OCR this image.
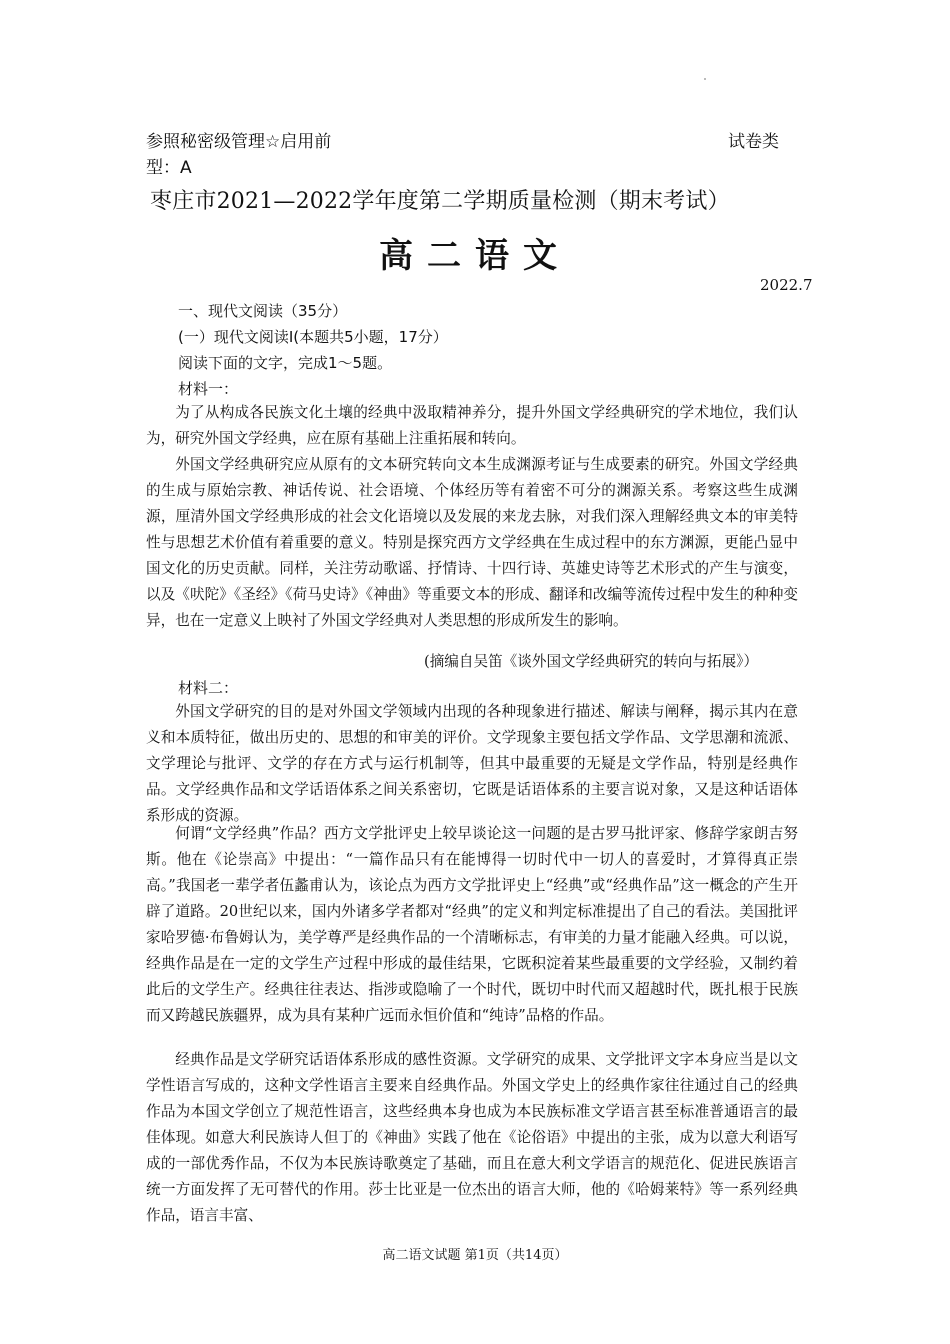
参照秘密级管理☆启用前	试卷类
型：A
枣庄市2021—2022学年度第二学期质量检测（期末考试）
高二语文
2022.7
一、现代文阅读（35分）
(一）现代文阅读I(本题共5小题，17分）
阅读下面的文字，完成1～5题。
材料一：
为了从构成各民族文化土壤的经典中汲取精神养分，提升外国文学经典研究的学术地位，我们认为，研究外国文学经典，应在原有基础上注重拓展和转向。
外国文学经典研究应从原有的文本研究转向文本生成渊源考证与生成要素的研究。外国文学经典的生成与原始宗教、神话传说、社会语境、个体经历等有着密不可分的渊源关系。考察这些生成渊源，厘清外国文学经典形成的社会文化语境以及发展的来龙去脉，对我们深入理解经典文本的审美特性与思想艺术价值有着重要的意义。特别是探究西方文学经典在生成过程中的东方渊源，更能凸显中国文化的历史贡献。同样，关注劳动歌谣、抒情诗、十四行诗、英雄史诗等艺术形式的产生与演变，以及《吠陀》《圣经》《荷马史诗》《神曲》等重要文本的形成、翻译和改编等流传过程中发生的种种变异，也在一定意义上映衬了外国文学经典对人类思想的形成所发生的影响。
(摘编自吴笛《谈外国文学经典研究的转向与拓展》）
材料二：
外国文学研究的目的是对外国文学领域内出现的各种现象进行描述、解读与阐释，揭示其内在意义和本质特征，做出历史的、思想的和审美的评价。文学现象主要包括文学作品、文学思潮和流派、文学理论与批评、文学的存在方式与运行机制等，但其中最重要的无疑是文学作品，特别是经典作品。文学经典作品和文学话语体系之间关系密切，它既是话语体系的主要言说对象，又是这种话语体系形成的资源。
何谓“文学经典”作品？西方文学批评史上较早谈论这一问题的是古罗马批评家、修辞学家朗吉努斯。他在《论崇高》中提出：“一篇作品只有在能博得一切时代中一切人的喜爱时，才算得真正崇高。”我国老一辈学者伍蠡甫认为，该论点为西方文学批评史上“经典”或“经典作品”这一概念的产生开辟了道路。20世纪以来，国内外诸多学者都对“经典”的定义和判定标准提出了自己的看法。美国批评家哈罗德·布鲁姆认为，美学尊严是经典作品的一个清晰标志，有审美的力量才能融入经典。可以说，经典作品是在一定的文学生产过程中形成的最佳结果，它既积淀着某些最重要的文学经验，又制约着此后的文学生产。经典往往表达、指涉或隐喻了一个时代，既切中时代而又超越时代，既扎根于民族而又跨越民族疆界，成为具有某种广远而永恒价值和“纯诗”品格的作品。
经典作品是文学研究话语体系形成的感性资源。文学研究的成果、文学批评文字本身应当是以文学性语言写成的，这种文学性语言主要来自经典作品。外国文学史上的经典作家往往通过自己的经典作品为本国文学创立了规范性语言，这些经典本身也成为本民族标准文学语言甚至标准普通语言的最佳体现。如意大利民族诗人但丁的《神曲》实践了他在《论俗语》中提出的主张，成为以意大利语写成的一部优秀作品，不仅为本民族诗歌奠定了基础，而且在意大利文学语言的规范化、促进民族语言统一方面发挥了无可替代的作用。莎士比亚是一位杰出的语言大师，他的《哈姆莱特》等一系列经典作品，语言丰富、
高二语文试题 第1页（共14页）
